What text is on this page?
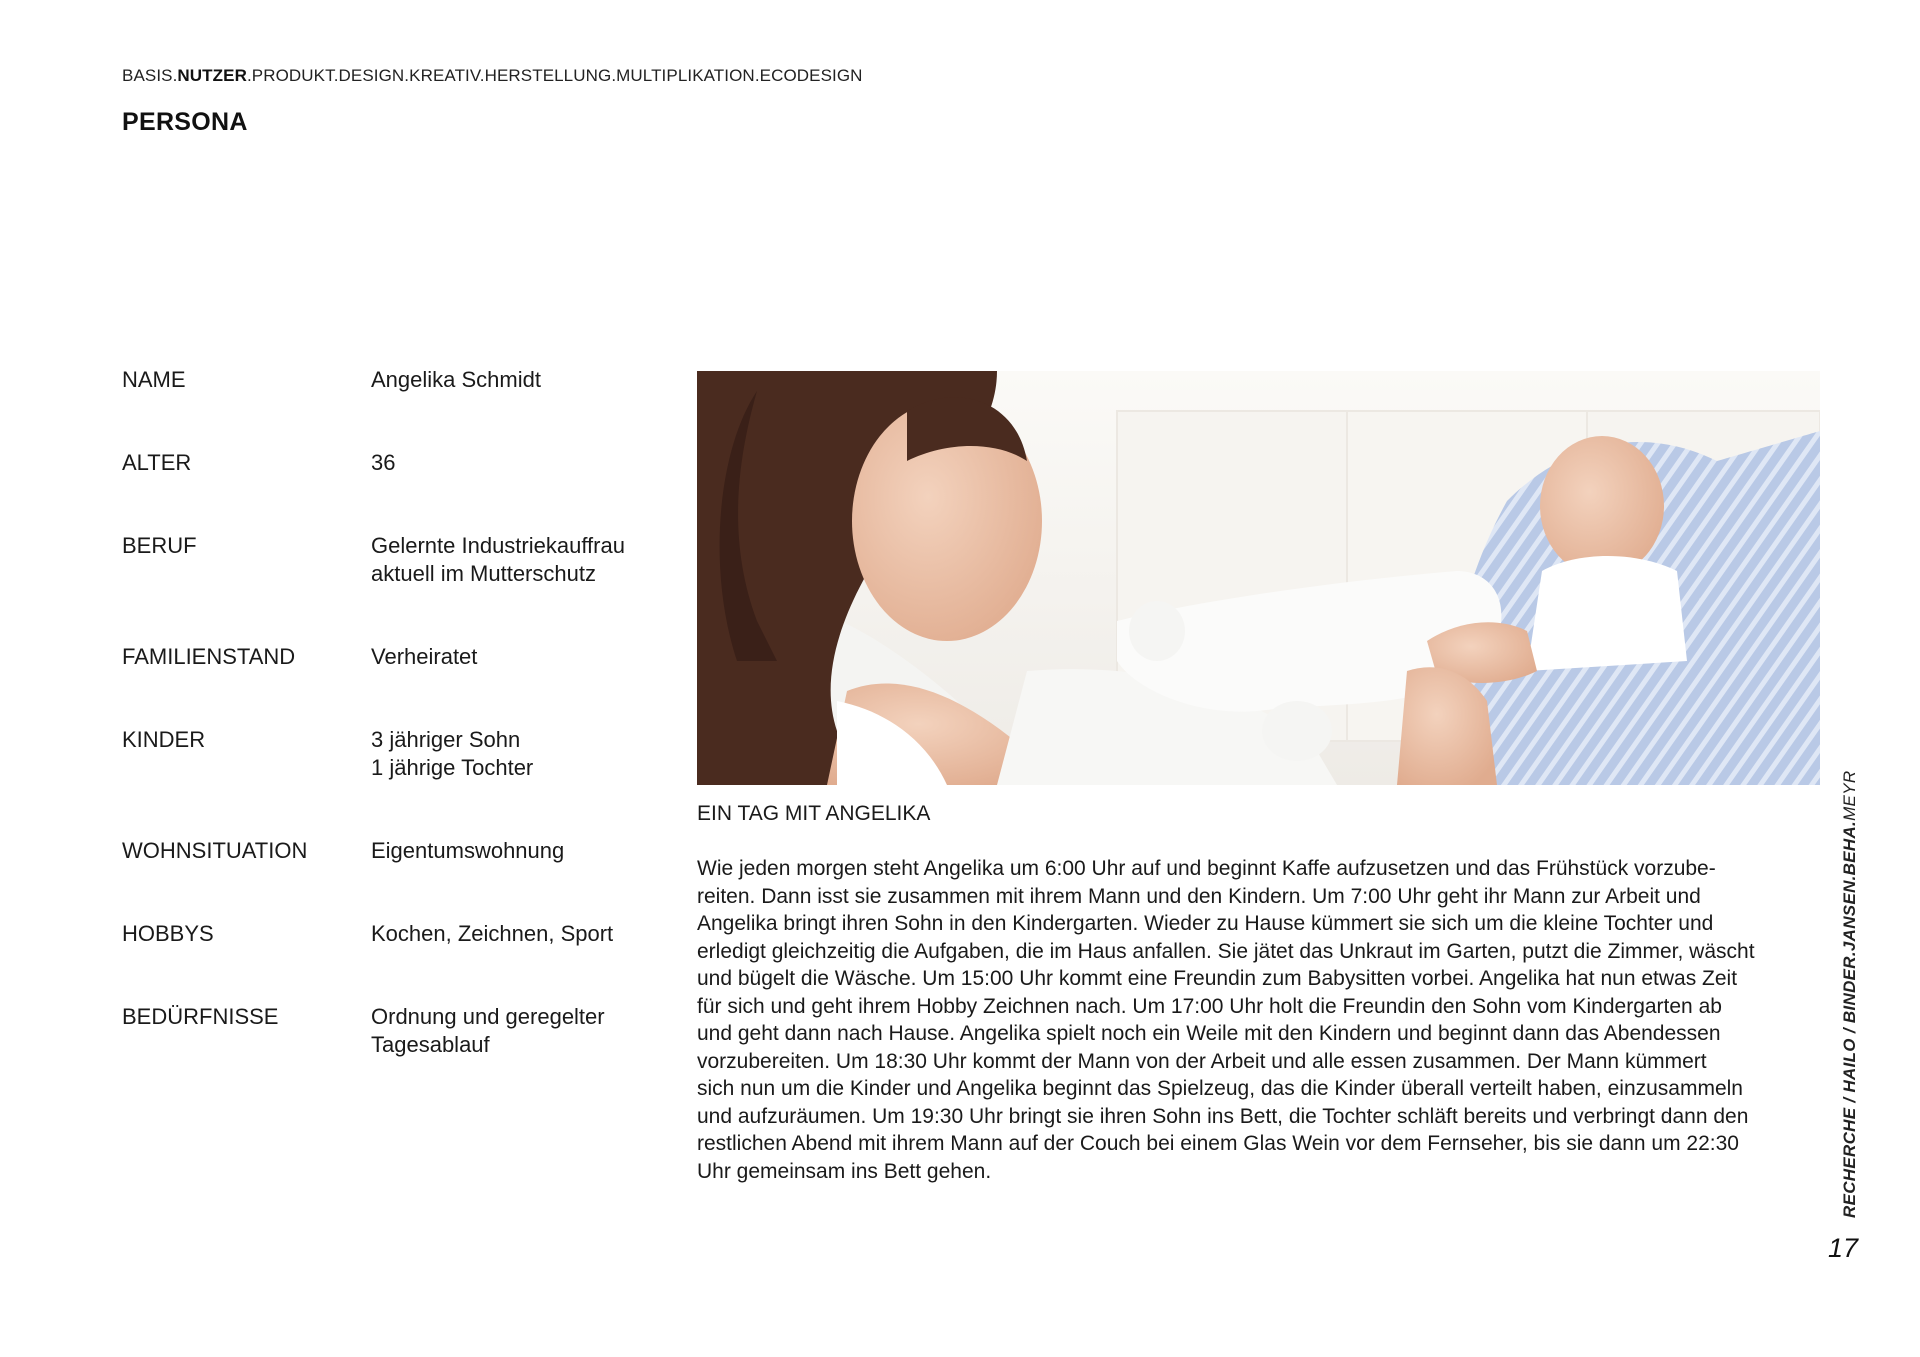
BASIS.NUTZER.PRODUKT.DESIGN.KREATIV.HERSTELLUNG.MULTIPLIKATION.ECODESIGN
PERSONA
NAME	Angelika Schmidt
ALTER	36
BERUF	Gelernte Industriekauffrau
aktuell im Mutterschutz
FAMILIENSTAND	Verheiratet
KINDER	3 jähriger Sohn
1 jährige Tochter
WOHNSITUATION	Eigentumswohnung
HOBBYS	Kochen, Zeichnen, Sport
BEDÜRFNISSE	Ordnung und geregelter
Tagesablauf
EIN TAG MIT ANGELIKA
Wie jeden morgen steht Angelika um 6:00 Uhr auf und beginnt Kaffe aufzusetzen und das Frühstück vorzube-
reiten. Dann isst sie zusammen mit ihrem Mann und den Kindern. Um 7:00 Uhr geht ihr Mann zur Arbeit und
Angelika bringt ihren Sohn in den Kindergarten. Wieder zu Hause kümmert sie sich um die kleine Tochter und
erledigt gleichzeitig die Aufgaben, die im Haus anfallen. Sie jätet das Unkraut im Garten, putzt die Zimmer, wäscht
und bügelt die Wäsche. Um 15:00 Uhr kommt eine Freundin zum Babysitten vorbei. Angelika hat nun etwas Zeit
für sich und geht ihrem Hobby Zeichnen nach. Um 17:00 Uhr holt die Freundin den Sohn vom Kindergarten ab
und geht dann nach Hause. Angelika spielt noch ein Weile mit den Kindern und beginnt dann das Abendessen
vorzubereiten. Um 18:30 Uhr kommt der Mann von der Arbeit und alle essen zusammen. Der Mann kümmert
sich nun um die Kinder und Angelika beginnt das Spielzeug, das die Kinder überall verteilt haben, einzusammeln
und aufzuräumen. Um 19:30 Uhr bringt sie ihren Sohn ins Bett, die Tochter schläft bereits und verbringt dann den
restlichen Abend mit ihrem Mann auf der Couch bei einem Glas Wein vor dem Fernseher, bis sie dann um 22:30
Uhr gemeinsam ins Bett gehen.	RECHERCHE / HAILO / BINDER.JANSEN.BEHA.MEYR
17
